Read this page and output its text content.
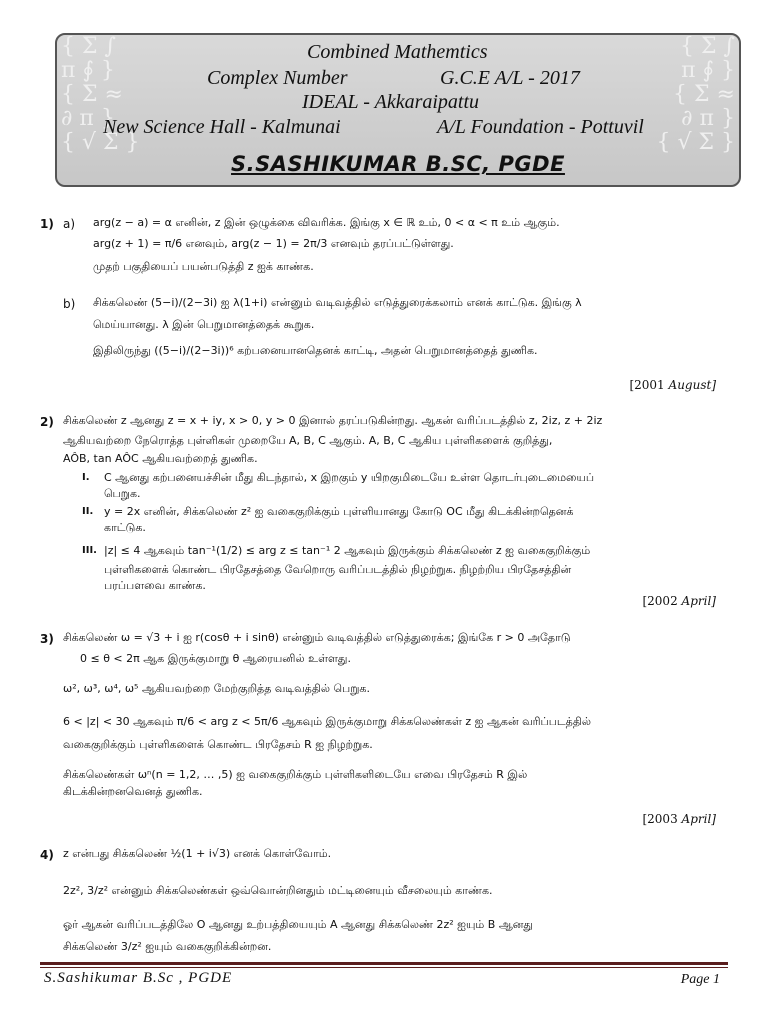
{ Σ ∫
π ∮ }
{ Σ ≈
∂ π }
{ √ Σ }
{ Σ ∫
π ∮ }
{ Σ ≈
∂ π }
{ √ Σ }
Combined Mathemtics
Complex Number	G.C.E A/L - 2017
IDEAL - Akkaraipattu
New Science Hall - Kalmunai	A/L Foundation - Pottuvil
S.SASHIKUMAR B.SC, PGDE
1) a) arg(z − a) = α எனின், z இன் ஒழுக்கை விவரிக்க. இங்கு x ∈ ℝ உம், 0 < α < π உம் ஆகும்.
arg(z + 1) = π/6 எனவும், arg(z − 1) = 2π/3 எனவும் தரப்பட்டுள்ளது.
முதற் பகுதியைப் பயன்படுத்தி z ஐக் காண்க.
b) சிக்கலெண் (5−i)/(2−3i) ஐ λ(1+i) என்னும் வடிவத்தில் எடுத்துரைக்கலாம் எனக் காட்டுக. இங்கு λ
மெய்யானது. λ இன் பெறுமானத்தைக் கூறுக.
இதிலிருந்து ((5−i)/(2−3i))⁶ கற்பனையானதெனக் காட்டி, அதன் பெறுமானத்தைத் துணிக.
[2001 August]
2) சிக்கலெண் z ஆனது z = x + iy, x > 0, y > 0 இனால் தரப்படுகின்றது. ஆகன் வரிப்படத்தில் z, 2iz, z + 2iz
ஆகியவற்றை நேரொத்த புள்ளிகள் முறையே A, B, C ஆகும். A, B, C ஆகிய புள்ளிகளைக் குறித்து,
AÔB, tan AÔC ஆகியவற்றைத் துணிக.
I. C ஆனது கற்பனையச்சின் மீது கிடந்தால், x இறகும் y யிறகுமிடையே உள்ள தொடர்புடைமையைப்
பெறுக.
II. y = 2x எனின், சிக்கலெண் z² ஐ வகைகுறிக்கும் புள்ளியானது கோடு OC மீது கிடக்கின்றதெனக்
காட்டுக.
III. |z| ≤ 4 ஆகவும் tan⁻¹(1/2) ≤ arg z ≤ tan⁻¹ 2 ஆகவும் இருக்கும் சிக்கலெண் z ஐ வகைகுறிக்கும்
புள்ளிகளைக் கொண்ட பிரதேசத்தை வேறொரு வரிப்படத்தில் நிழற்றுக. நிழற்றிய பிரதேசத்தின்
பரப்பளவை காண்க.
[2002 April]
3) சிக்கலெண் ω = √3 + i ஐ r(cosθ + i sinθ) என்னும் வடிவத்தில் எடுத்துரைக்க; இங்கே r > 0 அதோடு
0 ≤ θ < 2π ஆக இருக்குமாறு θ ஆரையனில் உள்ளது.
ω², ω³, ω⁴, ω⁵ ஆகியவற்றை மேற்குறித்த வடிவத்தில் பெறுக.
6 < |z| < 30 ஆகவும் π/6 < arg z < 5π/6 ஆகவும் இருக்குமாறு சிக்கலெண்கள் z ஐ ஆகன் வரிப்படத்தில்
வகைகுறிக்கும் புள்ளிகளைக் கொண்ட பிரதேசம் R ஐ நிழற்றுக.
சிக்கலெண்கள் ωⁿ(n = 1,2, … ,5) ஐ வகைகுறிக்கும் புள்ளிகளிடையே எவை பிரதேசம் R இல்
கிடக்கின்றனவெனத் துணிக.
[2003 April]
4) z என்பது சிக்கலெண் ½(1 + i√3) எனக் கொள்வோம்.
2z², 3/z² என்னும் சிக்கலெண்கள் ஒவ்வொன்றினதும் மட்டினையும் வீசலையும் காண்க.
ஓர் ஆகன் வரிப்படத்திலே O ஆனது உற்பத்தியையும் A ஆனது சிக்கலெண் 2z² ஐயும் B ஆனது
சிக்கலெண் 3/z² ஐயும் வகைகுறிக்கின்றன.
S.Sashikumar B.Sc , PGDE	Page 1
